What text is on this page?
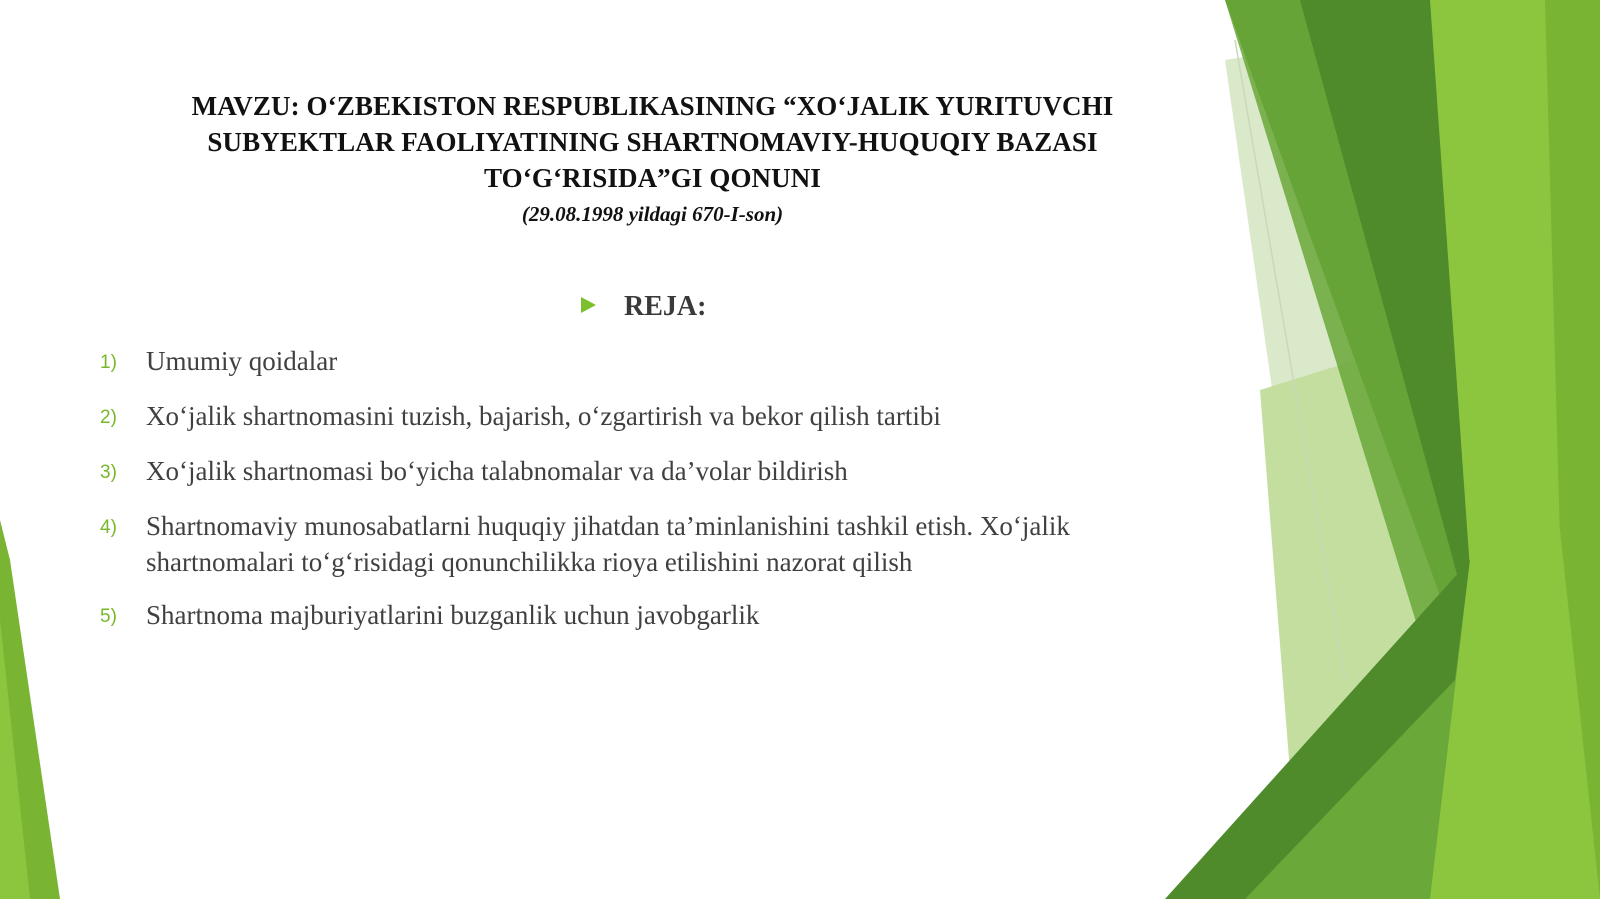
MAVZU: O‘ZBEKISTON RESPUBLIKASINING “XO‘JALIK YURITUVCHI SUBYEKTLAR FAOLIYATINING SHARTNOMAVIY-HUQUQIY BAZASI TO‘G‘RISIDA”GI QONUNI
(29.08.1998 yildagi 670-I-son)
REJA:
1)	Umumiy qoidalar
2)	Xo‘jalik shartnomasini tuzish, bajarish, o‘zgartirish va bekor qilish tartibi
3)	Xo‘jalik shartnomasi bo‘yicha talabnomalar va da’volar bildirish
4)	Shartnomaviy munosabatlarni huquqiy jihatdan ta’minlanishini tashkil etish. Xo‘jalik shartnomalari to‘g‘risidagi qonunchilikka rioya etilishini nazorat qilish
5)	Shartnoma majburiyatlarini buzganlik uchun javobgarlik
